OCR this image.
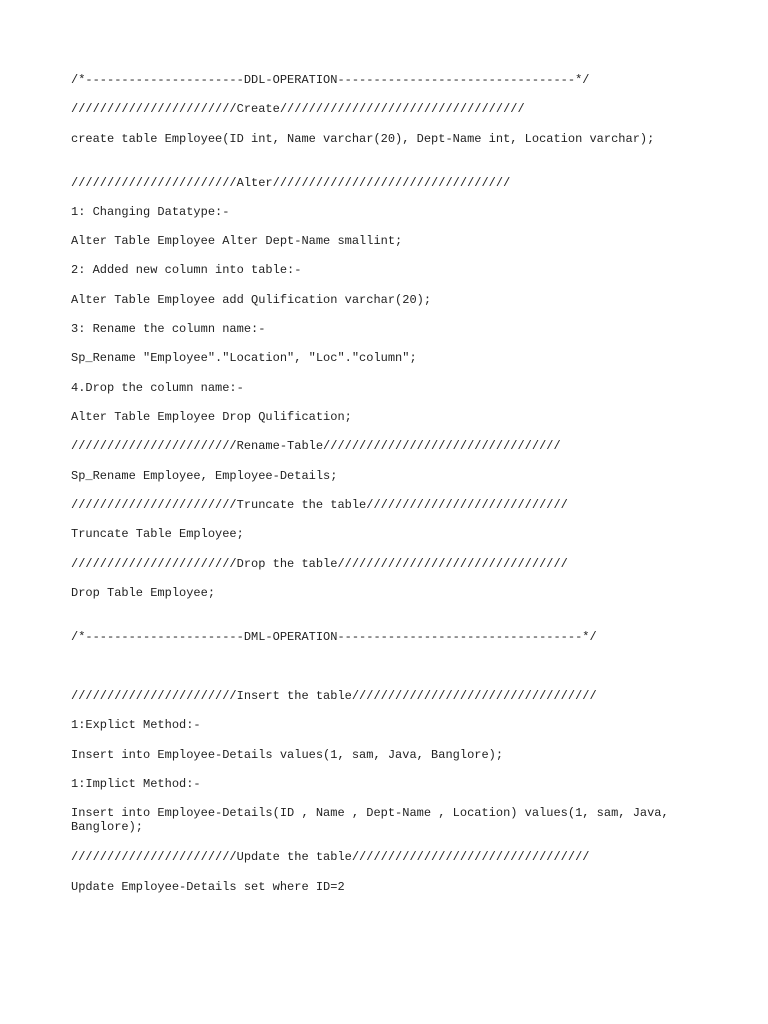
/*----------------------DDL-OPERATION---------------------------------*/

///////////////////////Create//////////////////////////////////

create table Employee(ID int, Name varchar(20), Dept-Name int, Location varchar);

///////////////////////Alter/////////////////////////////////

1: Changing Datatype:-

Alter Table Employee Alter Dept-Name smallint;

2: Added new column into table:-

Alter Table Employee add Qulification varchar(20);

3: Rename the column name:-

Sp_Rename "Employee"."Location", "Loc"."column";

4.Drop the column name:-

Alter Table Employee Drop Qulification;

///////////////////////Rename-Table/////////////////////////////////

Sp_Rename Employee, Employee-Details;

///////////////////////Truncate the table////////////////////////////

Truncate Table Employee;

///////////////////////Drop the table////////////////////////////////

Drop Table Employee;

/*----------------------DML-OPERATION----------------------------------*/

///////////////////////Insert the table//////////////////////////////////

1:Explict Method:-

Insert into Employee-Details values(1, sam, Java, Banglore);

1:Implict Method:-

Insert into Employee-Details(ID , Name , Dept-Name , Location) values(1, sam, Java,

Banglore);

///////////////////////Update the table/////////////////////////////////

Update Employee-Details set where ID=2
